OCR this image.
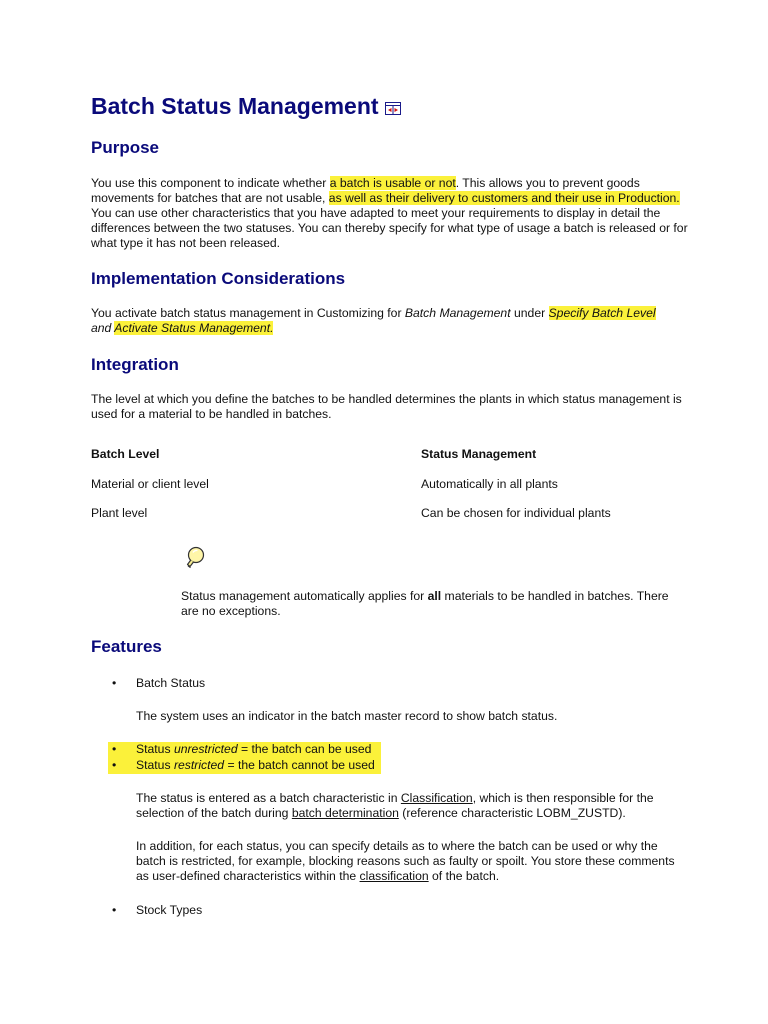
Batch Status Management
Purpose

You use this component to indicate whether a batch is usable or not. This allows you to prevent goods movements for batches that are not usable, as well as their delivery to customers and their use in Production. You can use other characteristics that you have adapted to meet your requirements to display in detail the differences between the two statuses. You can thereby specify for what type of usage a batch is released or for what type it has not been released.

Implementation Considerations

You activate batch status management in Customizing for Batch Management under Specify Batch Level
and Activate Status Management.

Integration

The level at which you define the batches to be handled determines the plants in which status management is used for a material to be handled in batches.

Batch Level	Status Management
Material or client level	Automatically in all plants
Plant level	Can be chosen for individual plants

Status management automatically applies for all materials to be handled in batches. There are no exceptions.

Features
• Batch Status

The system uses an indicator in the batch master record to show batch status.

• Status unrestricted = the batch can be used
• Status restricted = the batch cannot be used

The status is entered as a batch characteristic in Classification, which is then responsible for the selection of the batch during batch determination (reference characteristic LOBM_ZUSTD).

In addition, for each status, you can specify details as to where the batch can be used or why the batch is restricted, for example, blocking reasons such as faulty or spoilt. You store these comments as user-defined characteristics within the classification of the batch.

• Stock Types
